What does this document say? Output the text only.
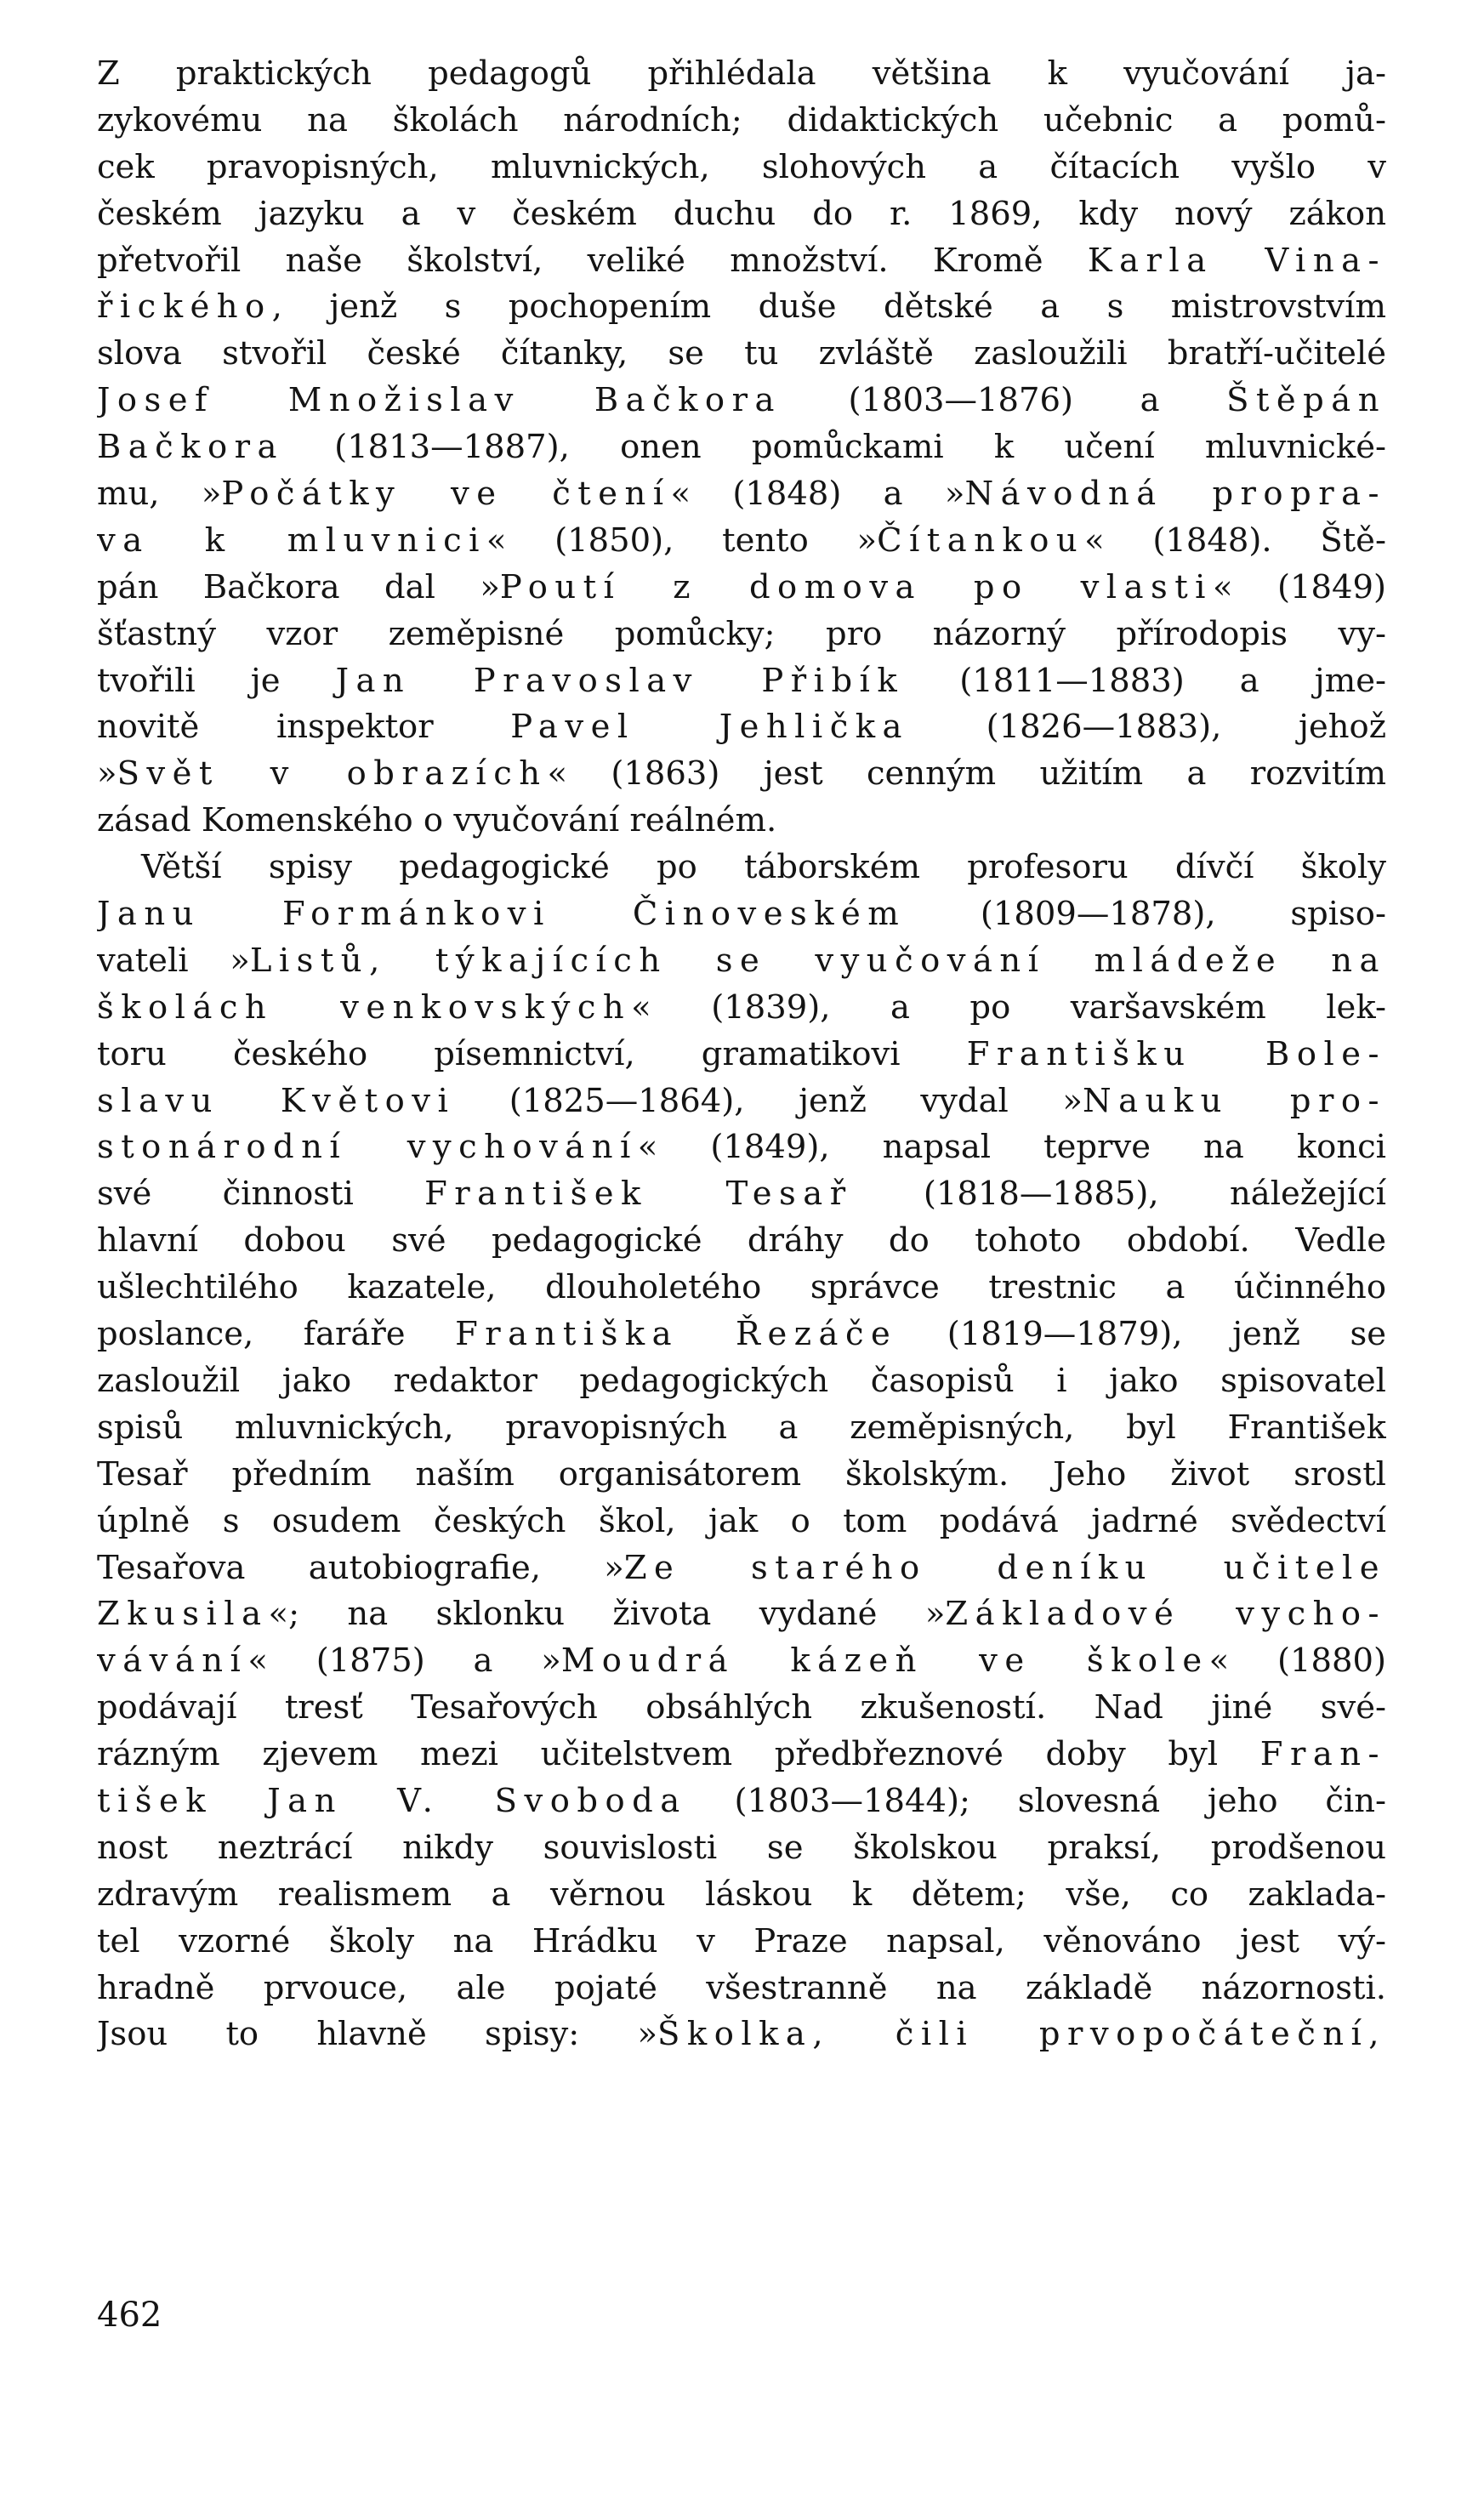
Z praktických pedagogů přihlédala většina k vyučování ja-
zykovému na školách národních; didaktických učebnic a pomů-
cek pravopisných, mluvnických, slohových a čítacích vyšlo v
českém jazyku a v českém duchu do r. 1869, kdy nový zákon
přetvořil naše školství, veliké množství. Kromě Karla Vina-
řického, jenž s pochopením duše dětské a s mistrovstvím
slova stvořil české čítanky, se tu zvláště zasloužili bratří-učitelé
Josef Množislav Bačkora (1803—1876) a Štěpán
Bačkora (1813—1887), onen pomůckami k učení mluvnické-
mu, »Počátky ve čtení« (1848) a »Návodná propra-
va k mluvnici« (1850), tento »Čítankou« (1848). Ště-
pán Bačkora dal »Poutí z domova po vlasti« (1849)
šťastný vzor zeměpisné pomůcky; pro názorný přírodopis vy-
tvořili je Jan Pravoslav Přibík (1811—1883) a jme-
novitě inspektor Pavel Jehlička (1826—1883), jehož
»Svět v obrazích« (1863) jest cenným užitím a rozvitím
zásad Komenského o vyučování reálném.
Větší spisy pedagogické po táborském profesoru dívčí školy
Janu Formánkovi Činoveském (1809—1878), spiso-
vateli »Listů, týkajících se vyučování mládeže na
školách venkovských« (1839), a po varšavském lek-
toru českého písemnictví, gramatikovi Františku Bole-
slavu Květovi (1825—1864), jenž vydal »Nauku pro-
stonárodní vychování« (1849), napsal teprve na konci
své činnosti František Tesař (1818—1885), náležející
hlavní dobou své pedagogické dráhy do tohoto období. Vedle
ušlechtilého kazatele, dlouholetého správce trestnic a účinného
poslance, faráře Františka Řezáče (1819—1879), jenž se
zasloužil jako redaktor pedagogických časopisů i jako spisovatel
spisů mluvnických, pravopisných a zeměpisných, byl František
Tesař předním naším organisátorem školským. Jeho život srostl
úplně s osudem českých škol, jak o tom podává jadrné svědectví
Tesařova autobiografie, »Ze starého deníku učitele
Zkusila«; na sklonku života vydané »Základové vycho-
vávání« (1875) a »Moudrá kázeň ve škole« (1880)
podávají tresť Tesařových obsáhlých zkušeností. Nad jiné své-
rázným zjevem mezi učitelstvem předbřeznové doby byl Fran-
tišek Jan V. Svoboda (1803—1844); slovesná jeho čin-
nost neztrácí nikdy souvislosti se školskou praksí, prodšenou
zdravým realismem a věrnou láskou k dětem; vše, co zaklada-
tel vzorné školy na Hrádku v Praze napsal, věnováno jest vý-
hradně prvouce, ale pojaté všestranně na základě názornosti.
Jsou to hlavně spisy: »Školka, čili prvopočáteční,
462
